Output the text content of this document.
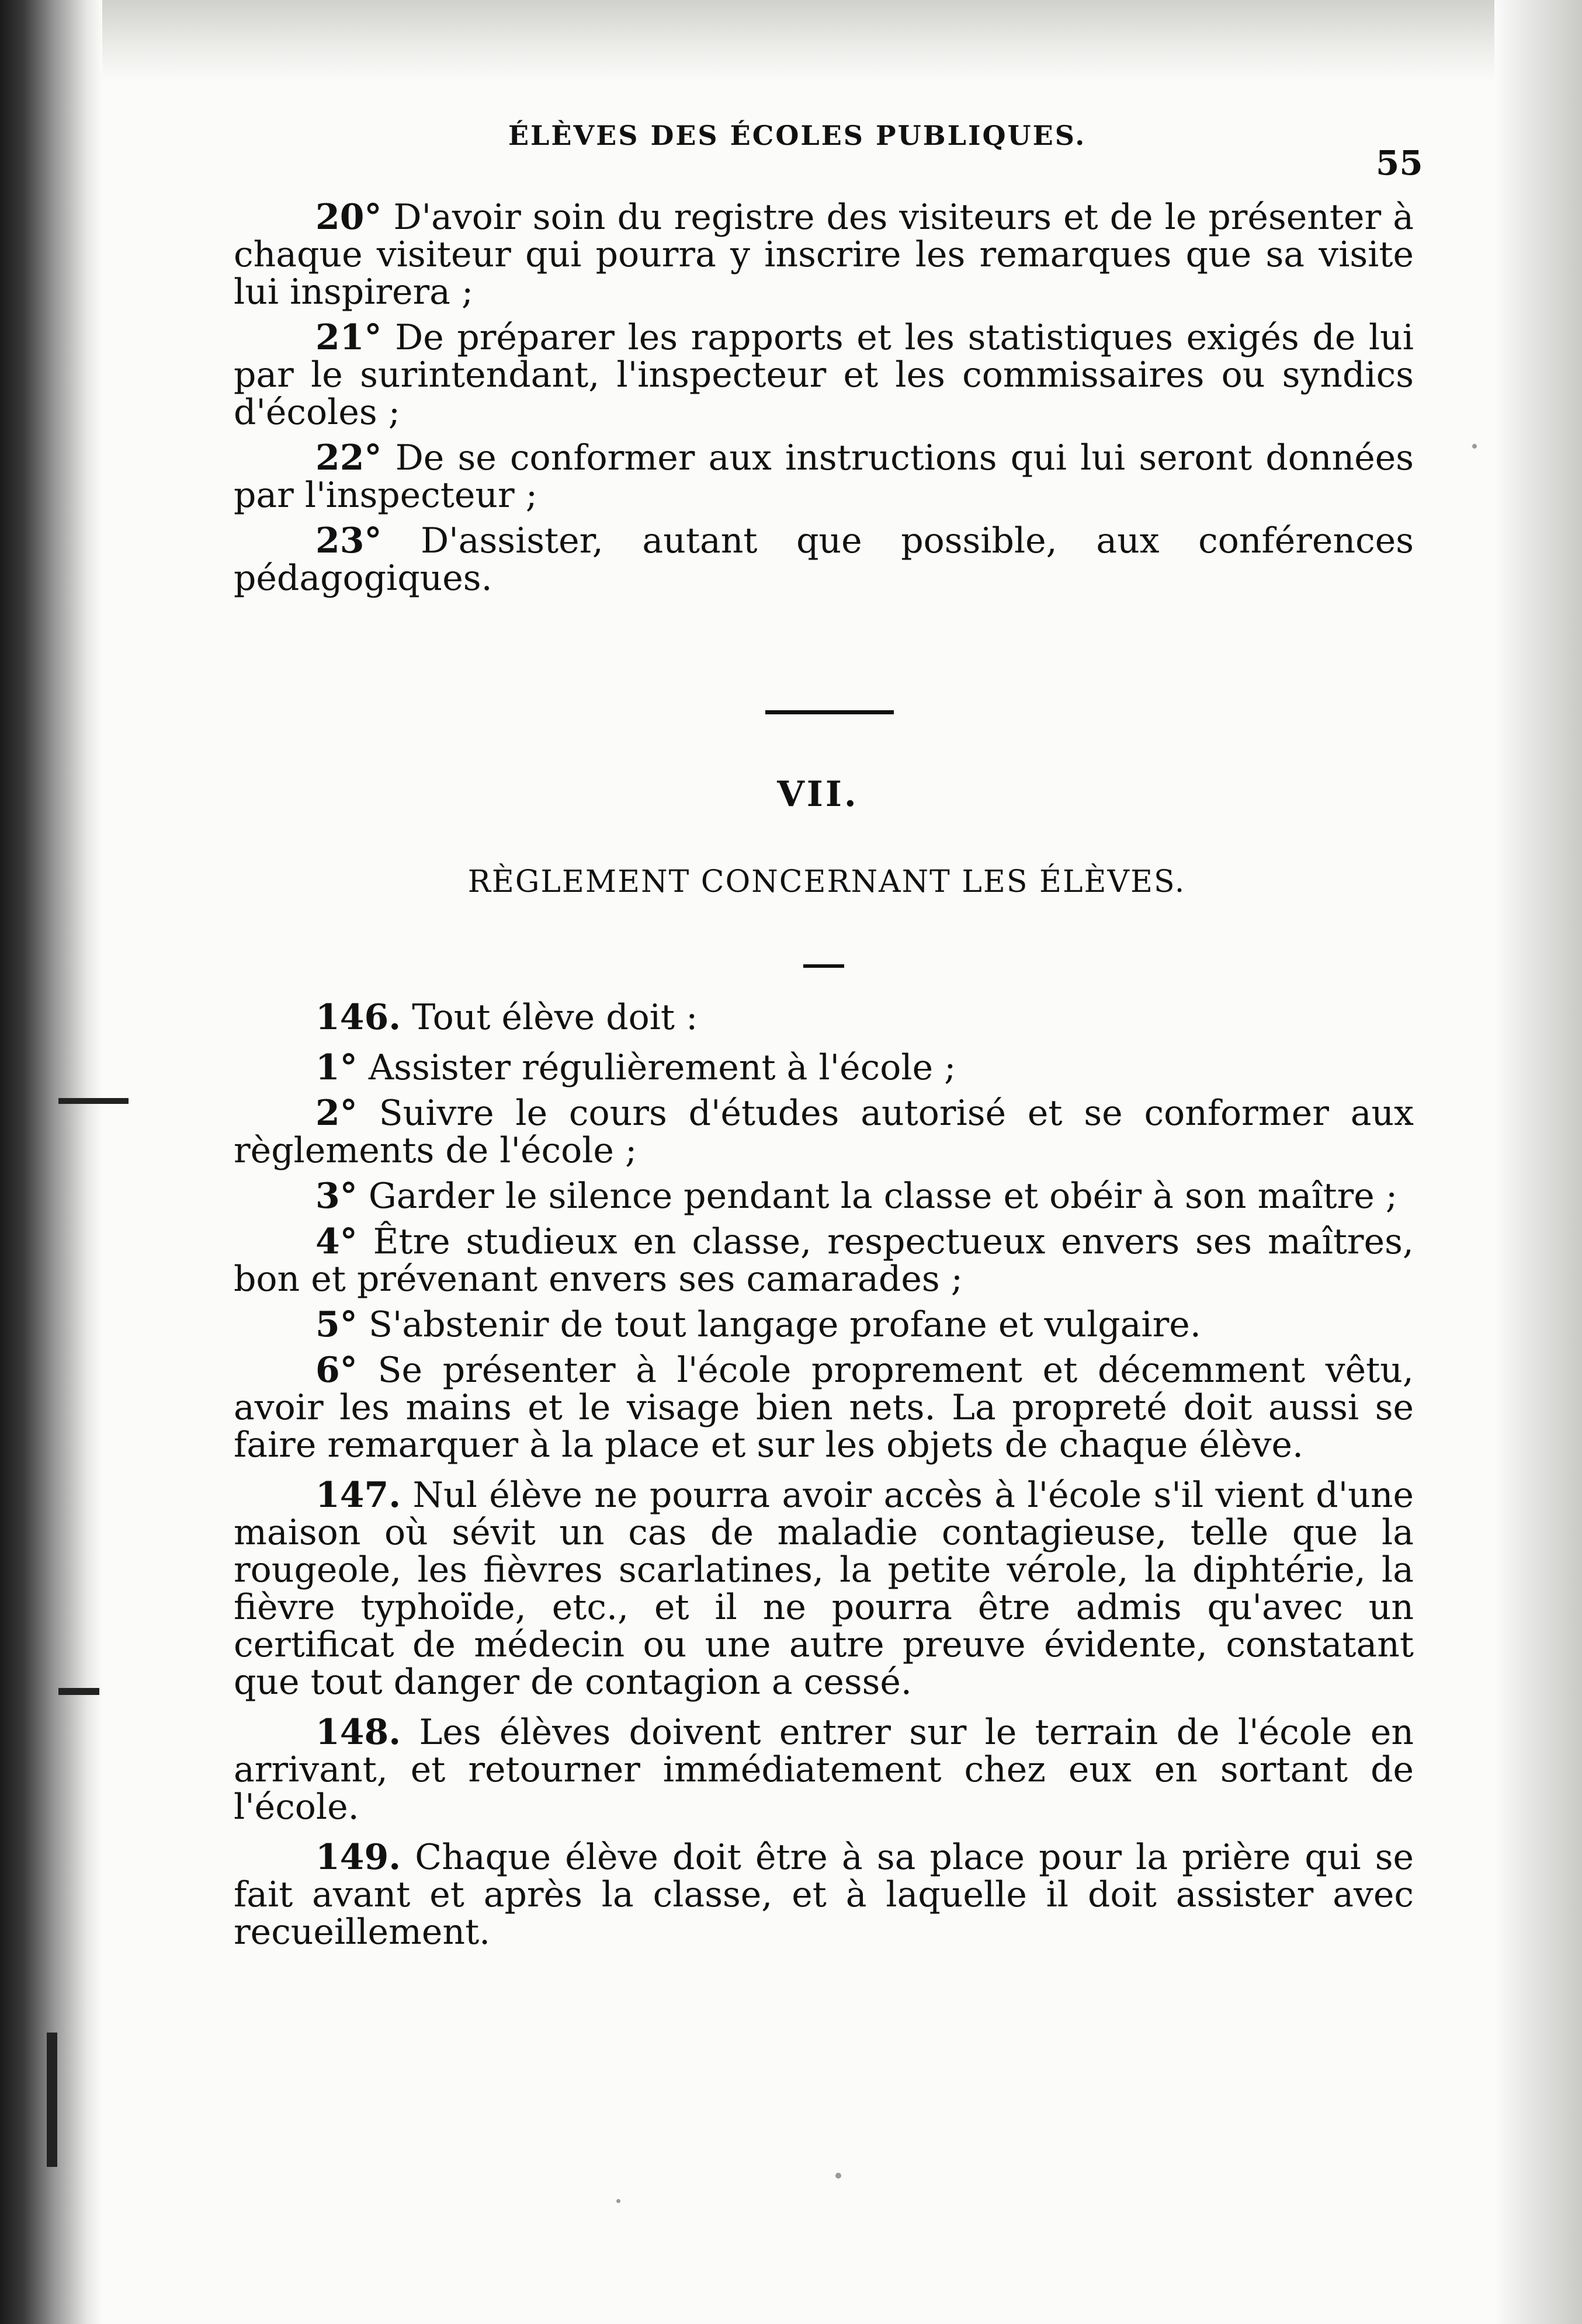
ÉLÈVES DES ÉCOLES PUBLIQUES.
55

20° D'avoir soin du registre des visiteurs et de le présenter à chaque visiteur qui pourra y inscrire les remarques que sa visite lui inspirera ;

21° De préparer les rapports et les statistiques exigés de lui par le surintendant, l'inspecteur et les commissaires ou syndics d'écoles ;

22° De se conformer aux instructions qui lui seront données par l'inspecteur ;

23° D'assister, autant que possible, aux conférences pédagogiques.

VII.
RÈGLEMENT CONCERNANT LES ÉLÈVES.

146. Tout élève doit :

1° Assister régulièrement à l'école ;

2° Suivre le cours d'études autorisé et se conformer aux règlements de l'école ;

3° Garder le silence pendant la classe et obéir à son maître ;

4° Être studieux en classe, respectueux envers ses maîtres, bon et prévenant envers ses camarades ;

5° S'abstenir de tout langage profane et vulgaire.

6° Se présenter à l'école proprement et décemment vêtu, avoir les mains et le visage bien nets. La propreté doit aussi se faire remarquer à la place et sur les objets de chaque élève.

147. Nul élève ne pourra avoir accès à l'école s'il vient d'une maison où sévit un cas de maladie contagieuse, telle que la rougeole, les fièvres scarlatines, la petite vérole, la diphtérie, la fièvre typhoïde, etc., et il ne pourra être admis qu'avec un certificat de médecin ou une autre preuve évidente, constatant que tout danger de contagion a cessé.

148. Les élèves doivent entrer sur le terrain de l'école en arrivant, et retourner immédiatement chez eux en sortant de l'école.

149. Chaque élève doit être à sa place pour la prière qui se fait avant et après la classe, et à laquelle il doit assister avec recueillement.
